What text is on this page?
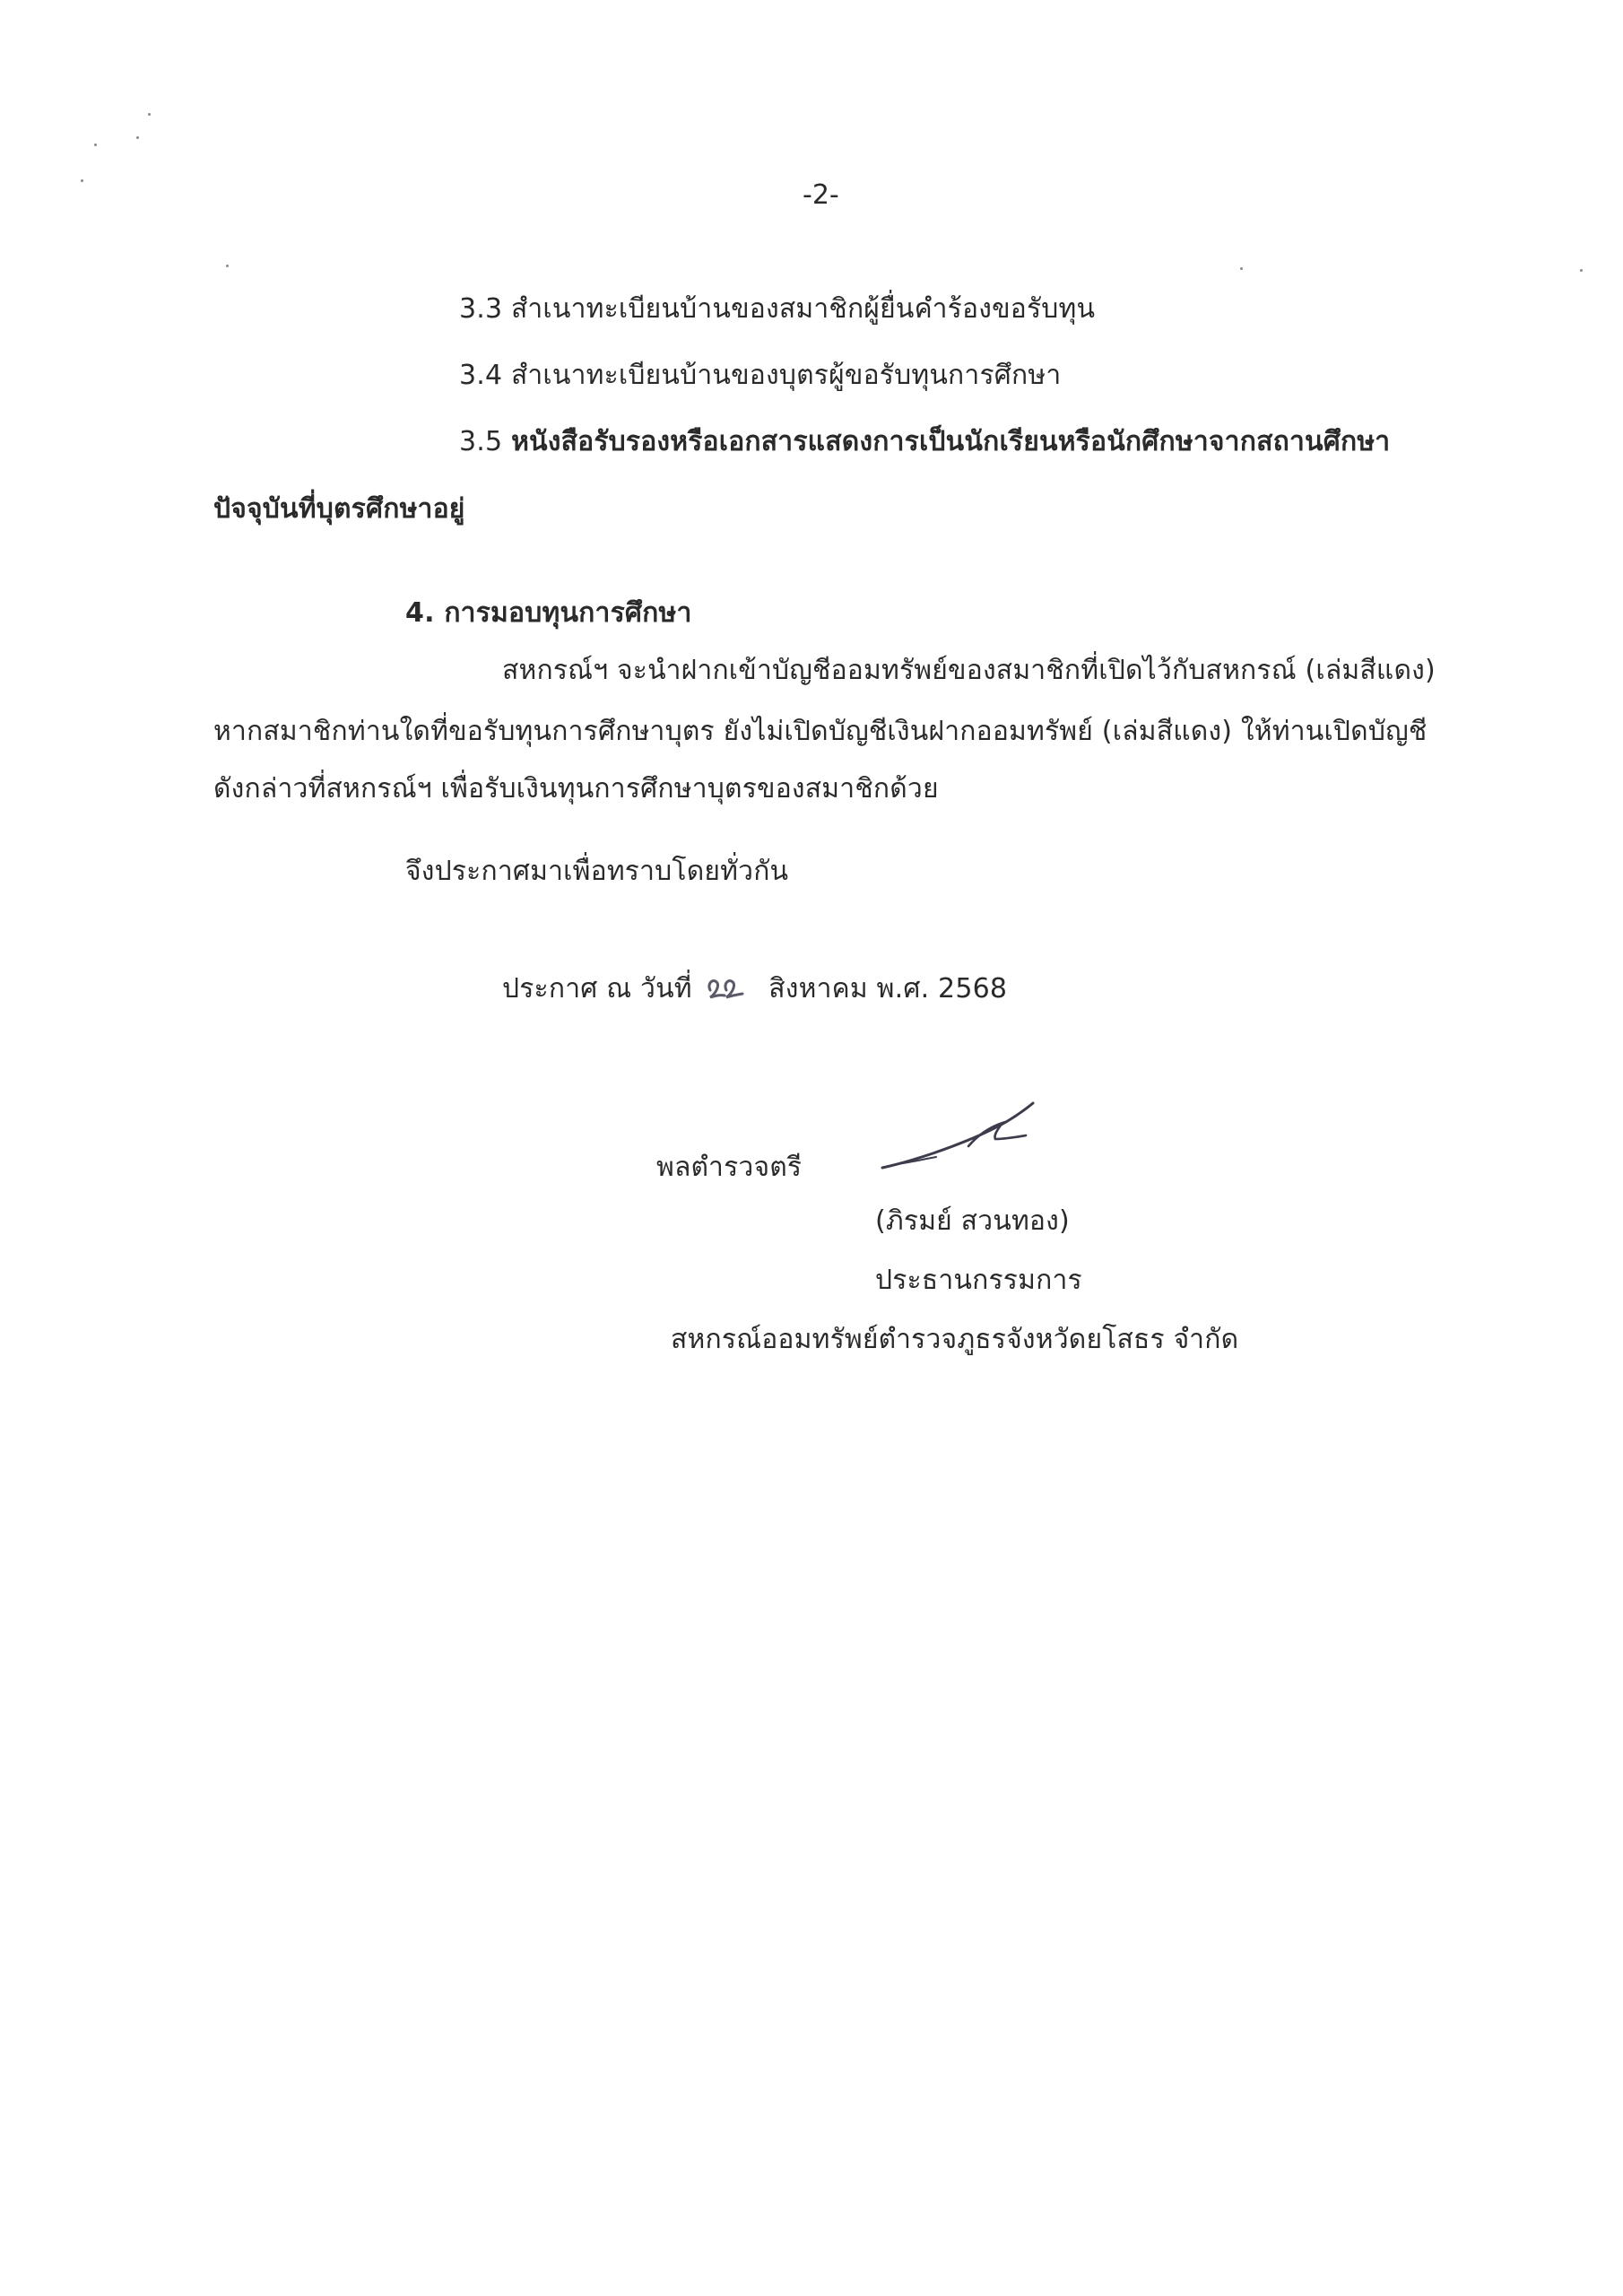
-2-
3.3 สำเนาทะเบียนบ้านของสมาชิกผู้ยื่นคำร้องขอรับทุน
3.4 สำเนาทะเบียนบ้านของบุตรผู้ขอรับทุนการศึกษา
3.5 หนังสือรับรองหรือเอกสารแสดงการเป็นนักเรียนหรือนักศึกษาจากสถานศึกษา
ปัจจุบันที่บุตรศึกษาอยู่
4. การมอบทุนการศึกษา
สหกรณ์ฯ จะนำฝากเข้าบัญชีออมทรัพย์ของสมาชิกที่เปิดไว้กับสหกรณ์ (เล่มสีแดง)
หากสมาชิกท่านใดที่ขอรับทุนการศึกษาบุตร ยังไม่เปิดบัญชีเงินฝากออมทรัพย์ (เล่มสีแดง) ให้ท่านเปิดบัญชี
ดังกล่าวที่สหกรณ์ฯ เพื่อรับเงินทุนการศึกษาบุตรของสมาชิกด้วย
จึงประกาศมาเพื่อทราบโดยทั่วกัน
ประกาศ ณ วันที่	สิงหาคม พ.ศ. 2568
พลตำรวจตรี
(ภิรมย์ สวนทอง)
ประธานกรรมการ
สหกรณ์ออมทรัพย์ตำรวจภูธรจังหวัดยโสธร จำกัด
